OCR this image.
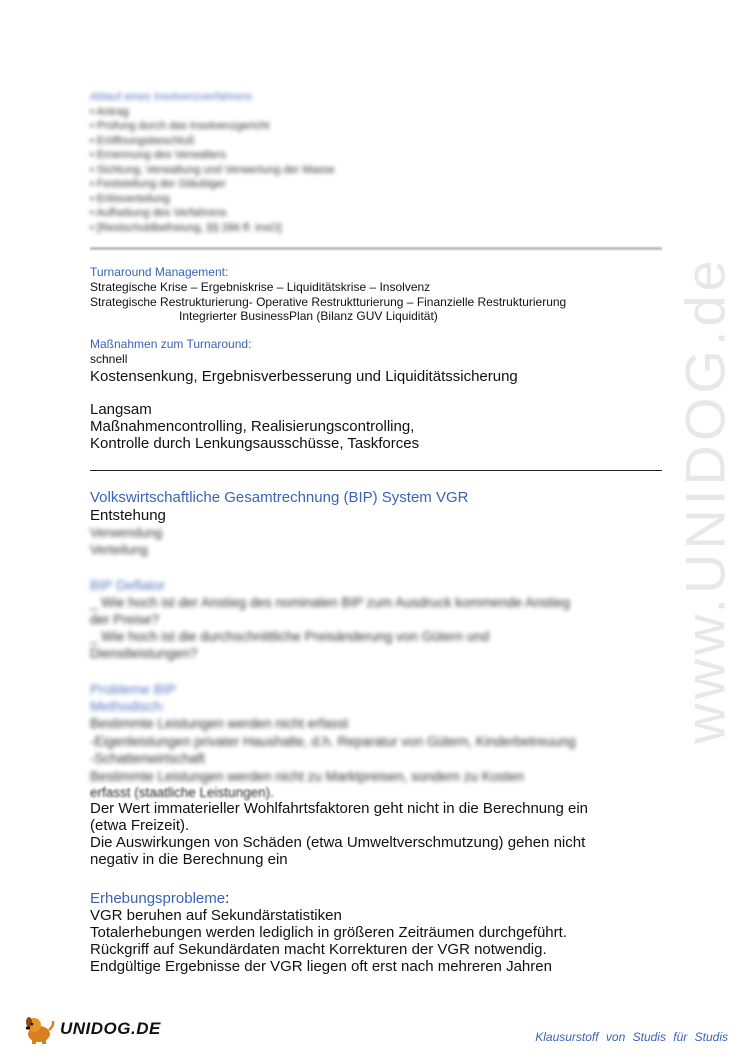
www.UNIDOG.de
Ablauf eines Insolvenzverfahrens
• Antrag
• Prüfung durch das Insolvenzgericht
• Eröffnungsbeschluß
• Ernennung des Verwalters
• Sichtung, Verwaltung und Verwertung der Masse
• Feststellung der Gläubiger
• Erlösverteilung
• Aufhebung des Verfahrens
• [Restschuldbefreiung, §§ 286 ff. InsO]
Turnaround Management:
Strategische Krise – Ergebniskrise – Liquiditätskrise – Insolvenz
Strategische Restrukturierung- Operative Restruktturierung – Finanzielle Restrukturierung
Integrierter BusinessPlan (Bilanz GUV Liquidität)
Maßnahmen zum Turnaround:
schnell
Kostensenkung, Ergebnisverbesserung und Liquiditätssicherung
Langsam
Maßnahmencontrolling, Realisierungscontrolling,
Kontrolle durch Lenkungsausschüsse, Taskforces
Volkswirtschaftliche Gesamtrechnung (BIP) System VGR
Entstehung
Verwendung
Verteilung
BIP Deflator
_ Wie hoch ist der Anstieg des nominalen BIP zum Ausdruck kommende Anstieg
der Preise?
_ Wie hoch ist die durchschnittliche Preisänderung von Gütern und
Dienstleistungen?
Probleme BIP
Methodisch:
Bestimmte Leistungen werden nicht erfasst
-Eigenleistungen privater Haushalte, d.h. Reparatur von Gütern, Kinderbetreuung
-Schattenwirtschaft
Bestimmte Leistungen werden nicht zu Marktpreisen, sondern zu Kosten
erfasst (staatliche Leistungen).
Der Wert immaterieller Wohlfahrtsfaktoren geht nicht in die Berechnung ein
(etwa Freizeit).
Die Auswirkungen von Schäden (etwa Umweltverschmutzung) gehen nicht
negativ in die Berechnung ein
Erhebungsprobleme:
VGR beruhen auf Sekundärstatistiken
Totalerhebungen werden lediglich in größeren Zeiträumen durchgeführt.
Rückgriff auf Sekundärdaten macht Korrekturen der VGR notwendig.
Endgültige Ergebnisse der VGR liegen oft erst nach mehreren Jahren
UNIDOG.DE	Klausurstoff von Studis für Studis
